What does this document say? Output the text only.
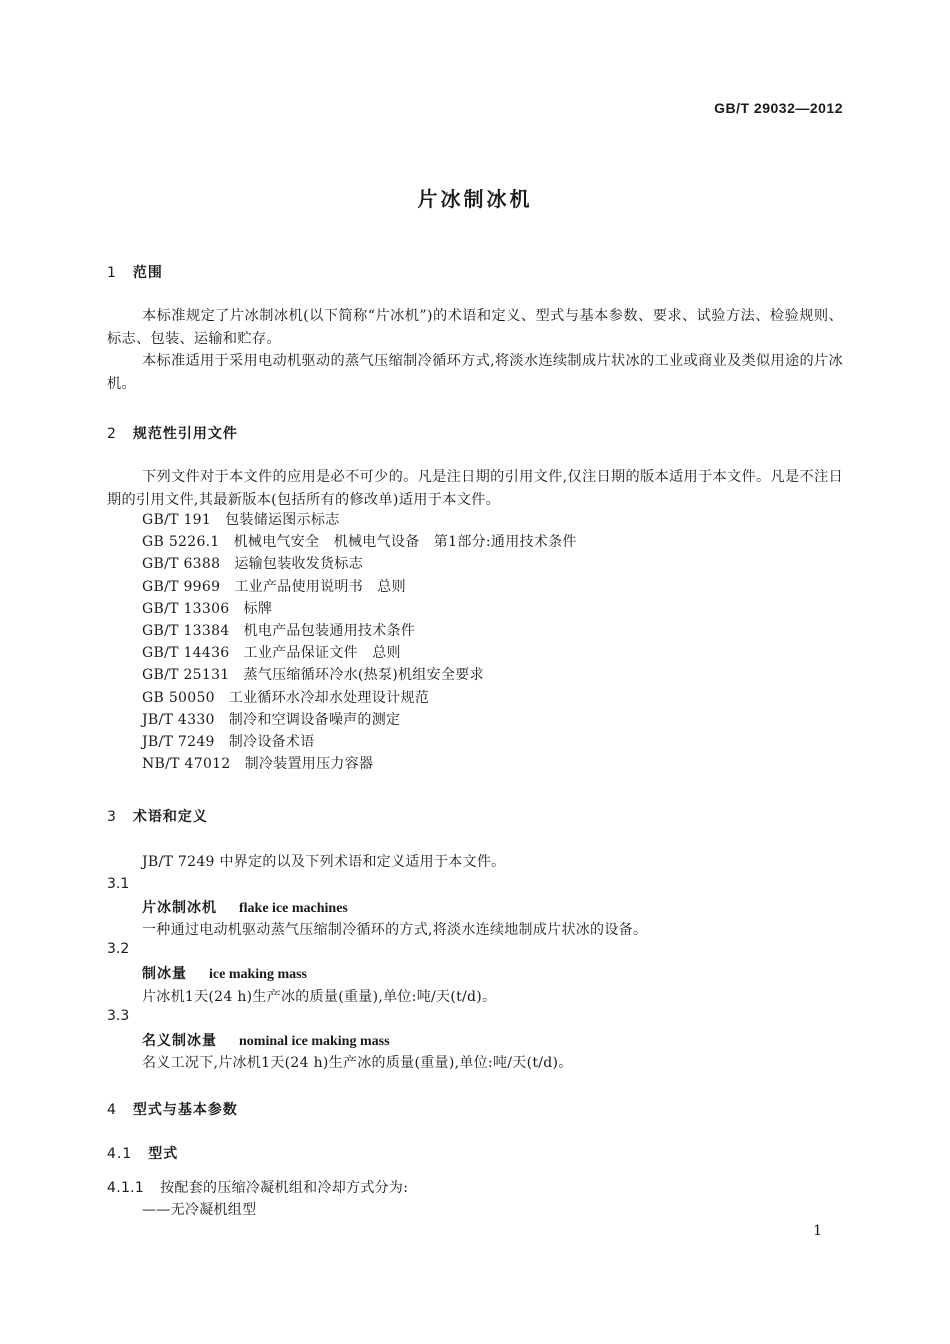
GB/T 29032—2012
片冰制冰机
1 范围
本标准规定了片冰制冰机(以下简称“片冰机”)的术语和定义、型式与基本参数、要求、试验方法、检验规则、标志、包装、运输和贮存。
本标准适用于采用电动机驱动的蒸气压缩制冷循环方式,将淡水连续制成片状冰的工业或商业及类似用途的片冰机。
2 规范性引用文件
下列文件对于本文件的应用是必不可少的。凡是注日期的引用文件,仅注日期的版本适用于本文件。凡是不注日期的引用文件,其最新版本(包括所有的修改单)适用于本文件。
GB/T 191 包装储运图示标志
GB 5226.1 机械电气安全　机械电气设备　第1部分:通用技术条件
GB/T 6388 运输包装收发货标志
GB/T 9969 工业产品使用说明书　总则
GB/T 13306 标牌
GB/T 13384 机电产品包装通用技术条件
GB/T 14436 工业产品保证文件　总则
GB/T 25131 蒸气压缩循环冷水(热泵)机组安全要求
GB 50050 工业循环水冷却水处理设计规范
JB/T 4330 制冷和空调设备噪声的测定
JB/T 7249 制冷设备术语
NB/T 47012 制冷装置用压力容器
3 术语和定义
JB/T 7249 中界定的以及下列术语和定义适用于本文件。
3.1
片冰制冰机 flake ice machines
一种通过电动机驱动蒸气压缩制冷循环的方式,将淡水连续地制成片状冰的设备。
3.2
制冰量 ice making mass
片冰机1天(24 h)生产冰的质量(重量),单位:吨/天(t/d)。
3.3
名义制冰量 nominal ice making mass
名义工况下,片冰机1天(24 h)生产冰的质量(重量),单位:吨/天(t/d)。
4 型式与基本参数
4.1 型式
4.1.1 按配套的压缩冷凝机组和冷却方式分为:
——无冷凝机组型
1
